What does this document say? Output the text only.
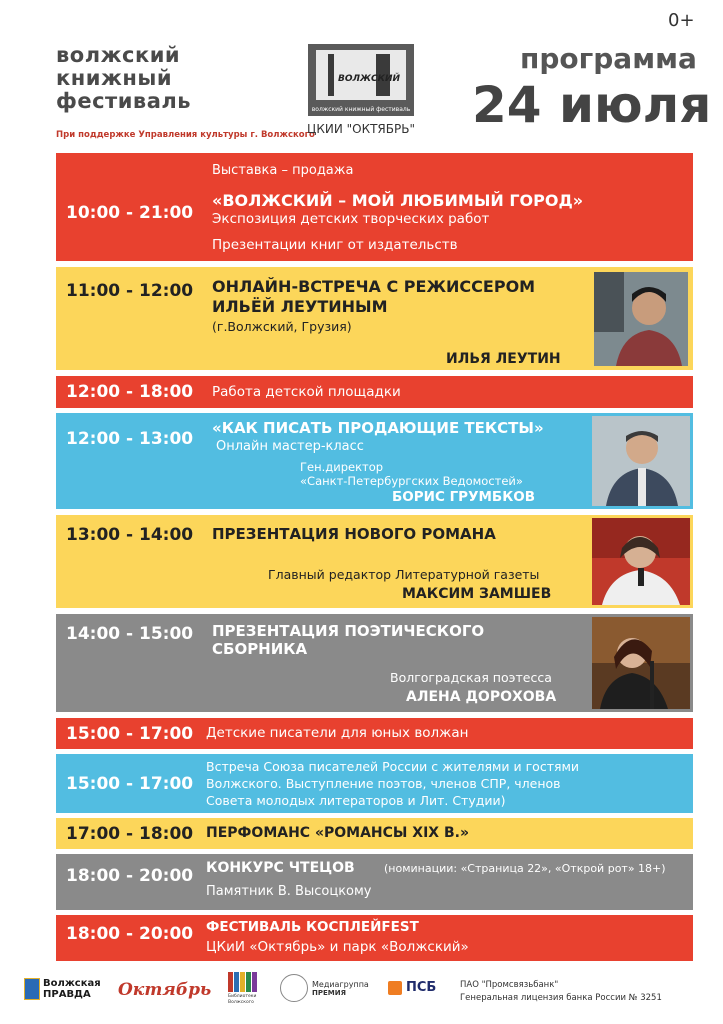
волжский
книжный
фестиваль
При поддержке Управления культуры г. Волжского
ВОЛЖСКИЙ
волжский книжный фестиваль
ЦКИИ "ОКТЯБРЬ"
0+
программа
24 июля
10:00 - 21:00
Выставка – продажа
«ВОЛЖСКИЙ – МОЙ ЛЮБИМЫЙ ГОРОД»
Экспозиция детских творческих работ
Презентации книг от издательств
11:00 - 12:00 ОНЛАЙН-ВСТРЕЧА С РЕЖИССЕРОМ
ИЛЬЁЙ ЛЕУТИНЫМ
(г.Волжский, Грузия)
ИЛЬЯ ЛЕУТИН
12:00 - 18:00 Работа детской площадки
12:00 - 13:00
«КАК ПИСАТЬ ПРОДАЮЩИЕ ТЕКСТЫ»
Онлайн мастер-класс
Ген.директор
«Санкт-Петербургских Ведомостей»
БОРИС ГРУМБКОВ
13:00 - 14:00 ПРЕЗЕНТАЦИЯ НОВОГО РОМАНА
Главный редактор Литературной газеты
МАКСИМ ЗАМШЕВ
14:00 - 15:00 ПРЕЗЕНТАЦИЯ ПОЭТИЧЕСКОГО
СБОРНИКА
Волгоградская поэтесса
АЛЕНА ДОРОХОВА
15:00 - 17:00 Детские писатели для юных волжан
15:00 - 17:00
Встреча Союза писателей России с жителями и гостями
Волжского. Выступление поэтов, членов СПР, членов
Совета молодых литераторов и Лит. Студии)
17:00 - 18:00 ПЕРФОМАНС «РОМАНСЫ XIX В.»
18:00 - 20:00 КОНКУРС ЧТЕЦОВ	(номинации: «Страница 22», «Открой рот» 18+)
Памятник В. Высоцкому
18:00 - 20:00 ФЕСТИВАЛЬ КОСПЛЕЙFEST
ЦКиИ «Октябрь» и парк «Волжский»
Волжская ПРАВДА	Октябрь	Библиотеки Волжского
Медиагруппа
ПРЕМИЯ	ПСБ	ПАО "Промсвязьбанк"
Генеральная лицензия банка России № 3251
